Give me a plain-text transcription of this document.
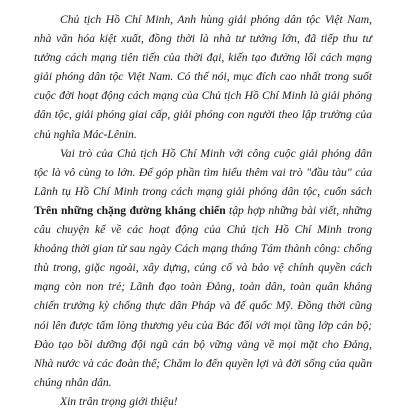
Chủ tịch Hồ Chí Minh, Anh hùng giải phóng dân tộc Việt Nam, nhà văn hóa kiệt xuất, đồng thời là nhà tư tưởng lớn, đã tiếp thu tư tưởng cách mạng tiên tiến của thời đại, kiến tạo đường lối cách mạng giải phóng dân tộc Việt Nam. Có thể nói, mục đích cao nhất trong suốt cuộc đời hoạt động cách mạng của Chủ tịch Hồ Chí Minh là giải phóng dân tộc, giải phóng giai cấp, giải phóng con người theo lập trường của chủ nghĩa Mác-Lênin.

Vai trò của Chủ tịch Hồ Chí Minh với công cuộc giải phóng dân tộc là vô cùng to lớn. Để góp phần tìm hiểu thêm vai trò "đầu tàu" của Lãnh tụ Hồ Chí Minh trong cách mạng giải phóng dân tộc, cuốn sách Trên những chặng đường kháng chiến tập hợp những bài viết, những câu chuyện kể về các hoạt động của Chủ tịch Hồ Chí Minh trong khoảng thời gian từ sau ngày Cách mạng tháng Tám thành công: chống thù trong, giặc ngoài, xây dựng, củng cố và bảo vệ chính quyền cách mạng còn non trẻ; Lãnh đạo toàn Đảng, toàn dân, toàn quân kháng chiến trường kỳ chống thực dân Pháp và đế quốc Mỹ. Đồng thời cũng nói lên được tấm lòng thương yêu của Bác đối với mọi tầng lớp cán bộ; Đào tạo bồi dưỡng đội ngũ cán bộ vững vàng về mọi mặt cho Đảng, Nhà nước và các đoàn thể; Chăm lo đến quyền lợi và đời sống của quần chúng nhân dân.

Xin trân trọng giới thiệu!
